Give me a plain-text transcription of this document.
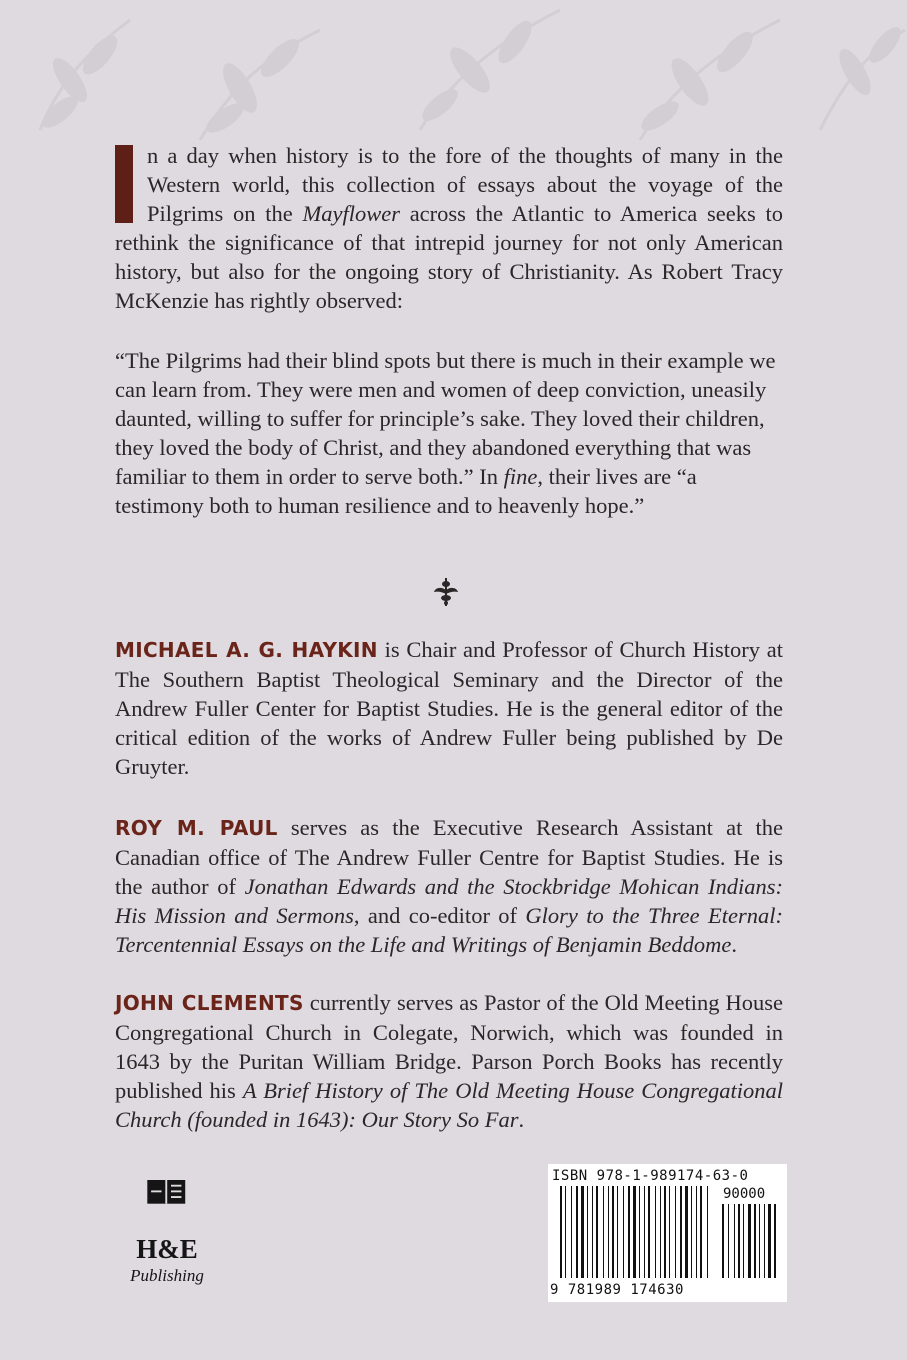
n a day when history is to the fore of the thoughts of many in the Western world, this collection of essays about the voyage of the Pilgrims on the Mayflower across the Atlantic to America seeks to rethink the significance of that intrepid journey for not only American history, but also for the ongoing story of Christianity. As Robert Tracy McKenzie has rightly observed:
“The Pilgrims had their blind spots but there is much in their example we can learn from. They were men and women of deep conviction, uneasily daunted, willing to suffer for principle’s sake. They loved their children, they loved the body of Christ, and they abandoned everything that was familiar to them in order to serve both.” In fine, their lives are “a testimony both to human resilience and to heavenly hope.”
MICHAEL A. G. HAYKIN is Chair and Professor of Church History at The Southern Baptist Theological Seminary and the Director of the Andrew Fuller Center for Baptist Studies. He is the general editor of the critical edition of the works of Andrew Fuller being published by De Gruyter.
ROY M. PAUL serves as the Executive Research Assistant at the Canadian office of The Andrew Fuller Centre for Baptist Studies. He is the author of Jonathan Edwards and the Stockbridge Mohican Indians: His Mission and Sermons, and co-editor of Glory to the Three Eternal: Tercentennial Essays on the Life and Writings of Benjamin Beddome.
JOHN CLEMENTS currently serves as Pastor of the Old Meeting House Congregational Church in Colegate, Norwich, which was founded in 1643 by the Puritan William Bridge. Parson Porch Books has recently published his A Brief History of The Old Meeting House Congregational Church (founded in 1643): Our Story So Far.
H&E
Publishing
ISBN 978-1-989174-63-0
90000
9 781989 174630
